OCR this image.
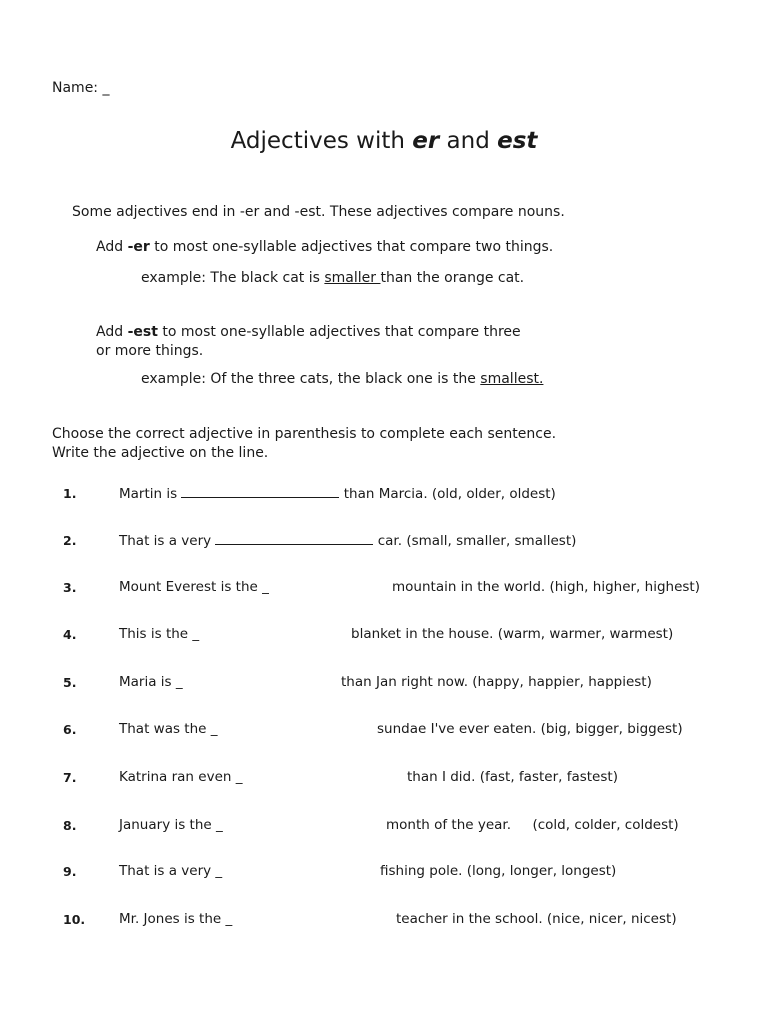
Name: _
Adjectives with er and est
Some adjectives end in -er and -est. These adjectives compare nouns.
Add -er to most one-syllable adjectives that compare two things.
example: The black cat is smaller than the orange cat.
Add -est to most one-syllable adjectives that compare three
or more things.
example: Of the three cats, the black one is the smallest.
Choose the correct adjective in parenthesis to complete each sentence.
Write the adjective on the line.
1.	Martin is	than Marcia. (old, older, oldest)
2.	That is a very	car. (small, smaller, smallest)
3.	Mount Everest is the _	mountain in the world. (high, higher, highest)
4.	This is the _	blanket in the house. (warm, warmer, warmest)
5.	Maria is _	than Jan right now. (happy, happier, happiest)
6.	That was the _	sundae I've ever eaten. (big, bigger, biggest)
7.	Katrina ran even _	than I did. (fast, faster, fastest)
8.	January is the _	month of the year.     (cold, colder, coldest)
9.	That is a very _	fishing pole. (long, longer, longest)
10.	Mr. Jones is the _	teacher in the school. (nice, nicer, nicest)
